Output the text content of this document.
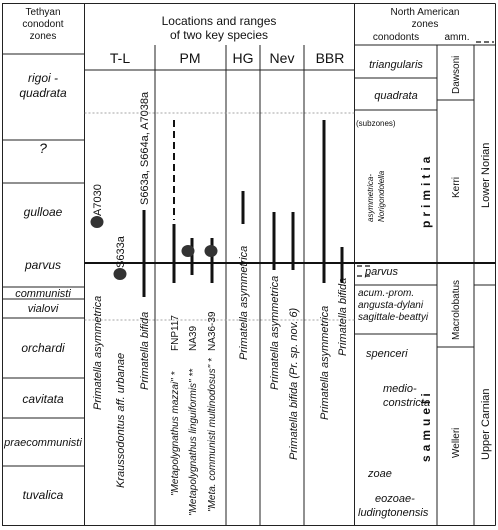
Tethyan
conodont
zones
Locations and ranges
of two key species
North American
zones
conodonts	amm.
T-L	PM HG Nev BBR
rigoi -
quadrata
?
gulloae
parvus
communisti
vialovi
orchardi
cavitata
praecommunisti
tuvalica
triangularis
quadrata
(subzones)
asymmetrica- Norigondolella
parvus
acum.-prom.
angusta-dylani
sagittale-beattyi
spenceri
medio-
constricta
zoae
eozoae-
ludingtonensis
primitia
samueli
Dawsoni
Kerri
Macrolobatus
Welleri
Lower Norian
Upper Carnian
A7030
S633a
S663a, S664a, A7038a
FNP117 NA39 NA36-39
Primatella asymmetrica Kraussodontus aff. urbanae
Primatella bifida
"Metapolygnathus mazzai" * "Metapolygnathus linguiformis" ** "Meta. communisti multinodosus" *
Primatella asymmetrica Primatella asymmetrica Primatella bifida (Pr. sp. nov. 6) Primatella asymmetrica Primatella bifida
